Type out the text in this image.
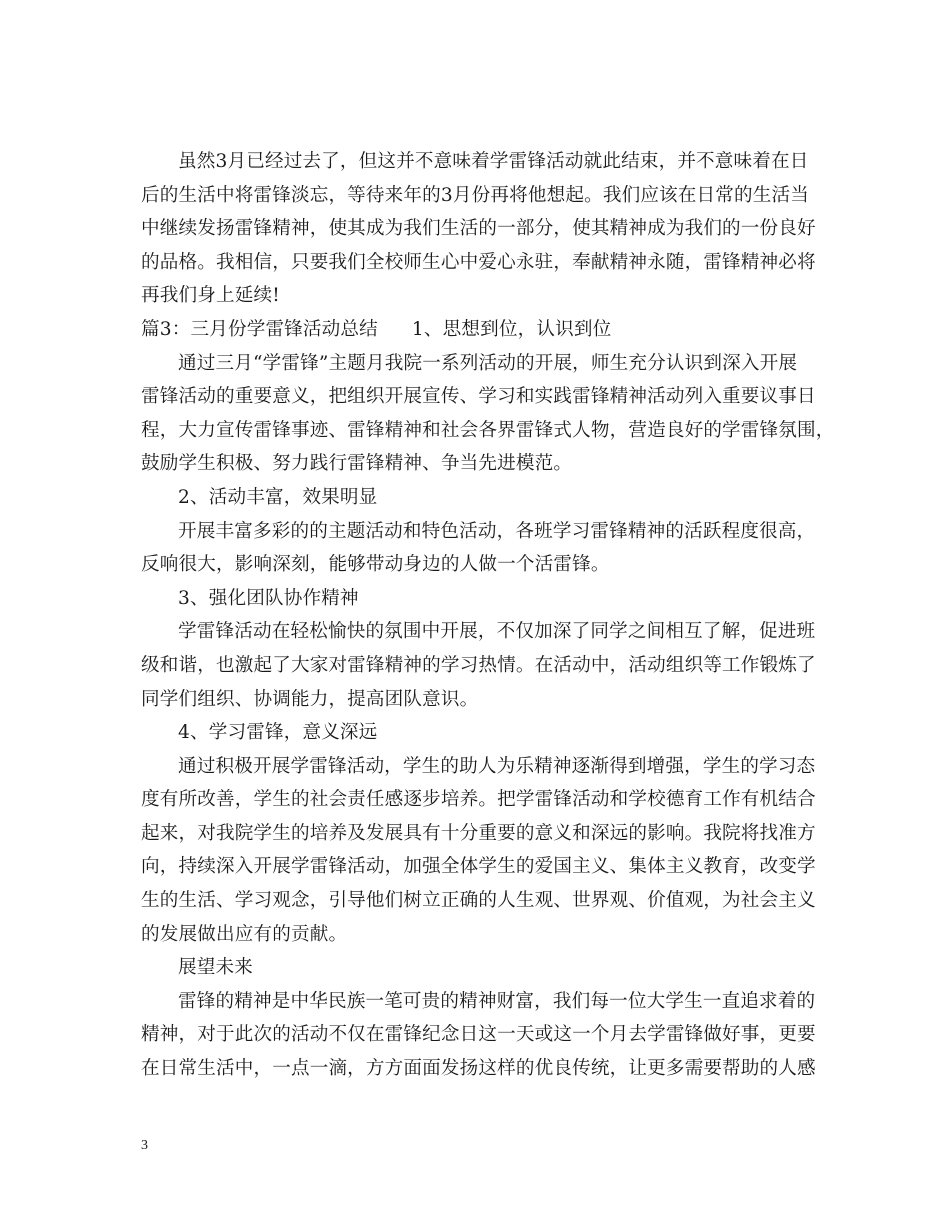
虽然3月已经过去了，但这并不意味着学雷锋活动就此结束，并不意味着在日
后的生活中将雷锋淡忘，等待来年的3月份再将他想起。我们应该在日常的生活当
中继续发扬雷锋精神，使其成为我们生活的一部分，使其精神成为我们的一份良好
的品格。我相信，只要我们全校师生心中爱心永驻，奉献精神永随，雷锋精神必将
再我们身上延续!
篇3：三月份学雷锋活动总结 1、思想到位，认识到位
通过三月“学雷锋”主题月我院一系列活动的开展，师生充分认识到深入开展
雷锋活动的重要意义，把组织开展宣传、学习和实践雷锋精神活动列入重要议事日
程，大力宣传雷锋事迹、雷锋精神和社会各界雷锋式人物，营造良好的学雷锋氛围，
鼓励学生积极、努力践行雷锋精神、争当先进模范。
2、活动丰富，效果明显
开展丰富多彩的的主题活动和特色活动，各班学习雷锋精神的活跃程度很高，
反响很大，影响深刻，能够带动身边的人做一个活雷锋。
3、强化团队协作精神
学雷锋活动在轻松愉快的氛围中开展，不仅加深了同学之间相互了解，促进班
级和谐，也激起了大家对雷锋精神的学习热情。在活动中，活动组织等工作锻炼了
同学们组织、协调能力，提高团队意识。
4、学习雷锋，意义深远
通过积极开展学雷锋活动，学生的助人为乐精神逐渐得到增强，学生的学习态
度有所改善，学生的社会责任感逐步培养。把学雷锋活动和学校德育工作有机结合
起来，对我院学生的培养及发展具有十分重要的意义和深远的影响。我院将找准方
向，持续深入开展学雷锋活动，加强全体学生的爱国主义、集体主义教育，改变学
生的生活、学习观念，引导他们树立正确的人生观、世界观、价值观，为社会主义
的发展做出应有的贡献。
展望未来
雷锋的精神是中华民族一笔可贵的精神财富，我们每一位大学生一直追求着的
精神，对于此次的活动不仅在雷锋纪念日这一天或这一个月去学雷锋做好事，更要
在日常生活中，一点一滴，方方面面发扬这样的优良传统，让更多需要帮助的人感
3
